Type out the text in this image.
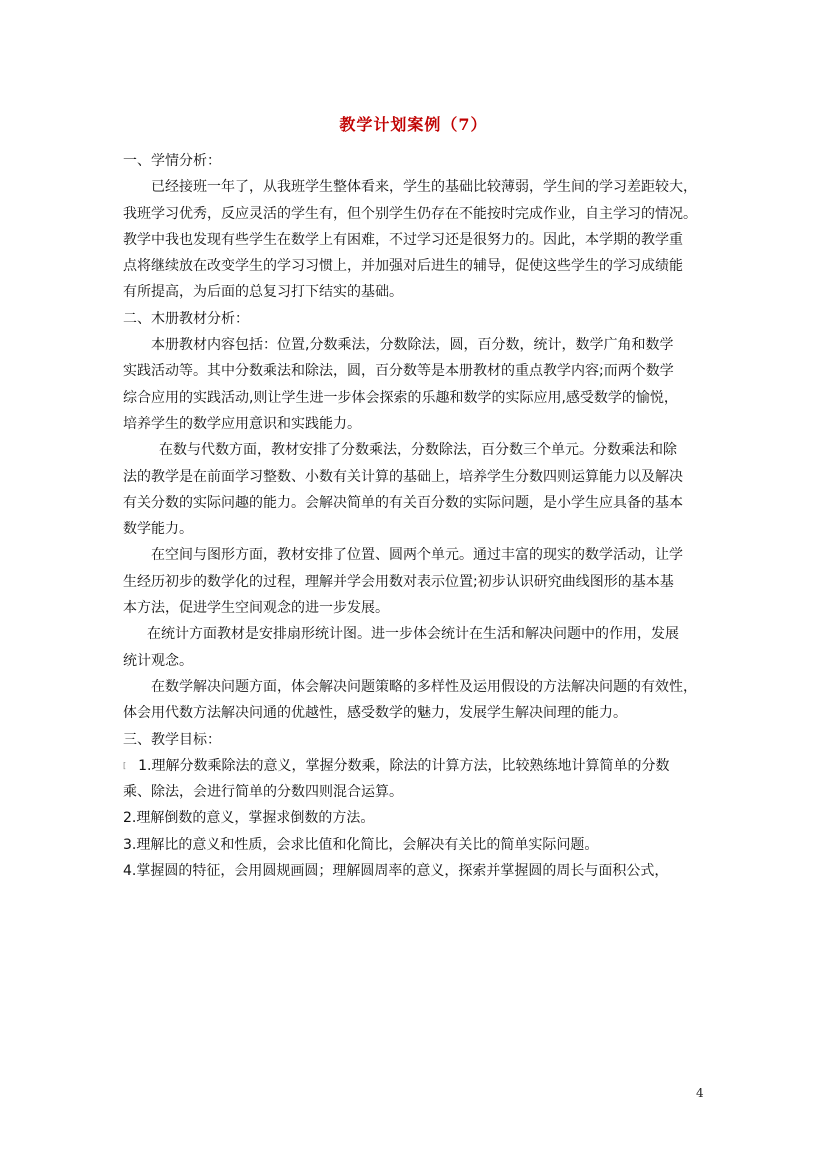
教学计划案例（7）
一、学情分析：
已经接班一年了，从我班学生整体看来，学生的基础比较薄弱，学生间的学习差距较大，
我班学习优秀，反应灵活的学生有，但个别学生仍存在不能按时完成作业，自主学习的情况。
教学中我也发现有些学生在数学上有困难，不过学习还是很努力的。因此，本学期的教学重
点将继续放在改变学生的学习习惯上，并加强对后进生的辅导，促使这些学生的学习成绩能
有所提高，为后面的总复习打下结实的基础。
二、木册教材分析：
本册教材内容包括：位置,分数乘法，分数除法，圆，百分数，统计，数学广角和数学
实践活动等。其中分数乘法和除法，圆，百分数等是本册教材的重点教学内容;而两个数学
综合应用的实践活动,则让学生进一步体会探索的乐趣和数学的实际应用,感受数学的愉悦，
培养学生的数学应用意识和实践能力。
在数与代数方面，教材安排了分数乘法，分数除法，百分数三个单元。分数乘法和除
法的教学是在前面学习整数、小数有关计算的基础上，培养学生分数四则运算能力以及解决
有关分数的实际问趣的能力。会解决简单的有关百分数的实际问题，是小学生应具备的基本
数学能力。
在空间与图形方面，教材安排了位置、圆两个单元。通过丰富的现实的数学活动，让学
生经历初步的数学化的过程，理解并学会用数对表示位置;初步认识研究曲线图形的基本基
本方法，促进学生空间观念的进一步发展。
在统计方面教材是安排扇形统计图。进一步体会统计在生活和解决问题中的作用，发展
统计观念。
在数学解决问题方面，体会解决问题策略的多样性及运用假设的方法解决问题的有效性，
体会用代数方法解决问通的优越性，感受数学的魅力，发展学生解决间理的能力。
三、教学目标：
[ 1.理解分数乘除法的意义，掌握分数乘，除法的计算方法，比较熟练地计算简单的分数
乘、除法，会进行简单的分数四则混合运算。
2.理解倒数的意义，掌握求倒数的方法。
3.理解比的意义和性质，会求比值和化简比，会解决有关比的简单实际问题。
4.掌握圆的特征，会用圆规画圆；理解圆周率的意义，探索并掌握圆的周长与面积公式，
4
